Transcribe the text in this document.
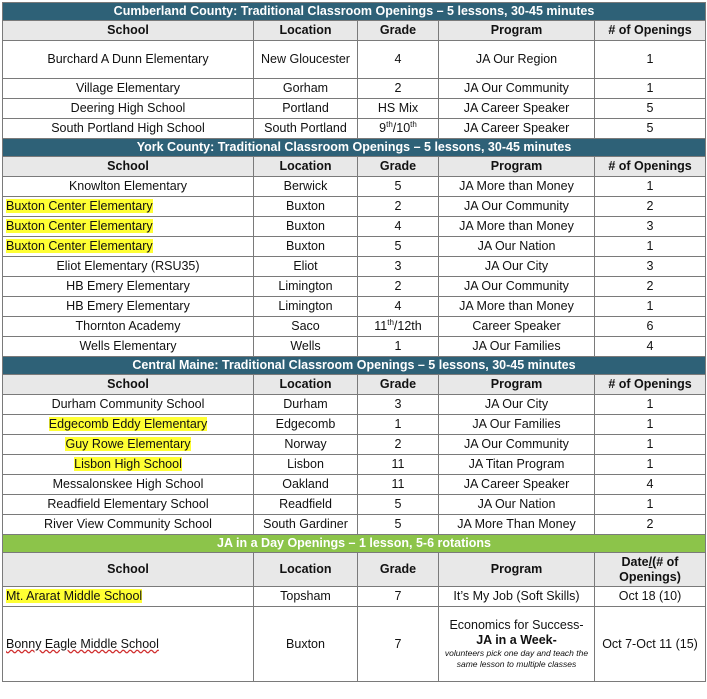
Cumberland County: Traditional Classroom Openings – 5 lessons, 30-45 minutes				
School	Location	Grade	Program	# of Openings
Burchard A Dunn Elementary	New Gloucester	4	JA Our Region	1
Village Elementary	Gorham	2	JA Our Community	1
Deering High School	Portland	HS Mix	JA Career Speaker	5
South Portland High School	South Portland	9th/10th	JA Career Speaker	5
York County: Traditional Classroom Openings – 5 lessons, 30-45 minutes				
School	Location	Grade	Program	# of Openings
Knowlton Elementary	Berwick	5	JA More than Money	1
Buxton Center Elementary	Buxton	2	JA Our Community	2
Buxton Center Elementary	Buxton	4	JA More than Money	3
Buxton Center Elementary	Buxton	5	JA Our Nation	1
Eliot Elementary (RSU35)	Eliot	3	JA Our City	3
HB Emery Elementary	Limington	2	JA Our Community	2
HB Emery Elementary	Limington	4	JA More than Money	1
Thornton Academy	Saco	11th/12th	Career Speaker	6
Wells Elementary	Wells	1	JA Our Families	4
Central Maine: Traditional Classroom Openings – 5 lessons, 30-45 minutes				
School	Location	Grade	Program	# of Openings
Durham Community School	Durham	3	JA Our City	1
Edgecomb Eddy Elementary	Edgecomb	1	JA Our Families	1
Guy Rowe Elementary	Norway	2	JA Our Community	1
Lisbon High School	Lisbon	11	JA Titan Program	1
Messalonskee High School	Oakland	11	JA Career Speaker	4
Readfield Elementary School	Readfield	5	JA Our Nation	1
River View Community School	South Gardiner	5	JA More Than Money	2
JA in a Day Openings – 1 lesson, 5-6 rotations				
School	Location	Grade	Program	Date/(# of Openings)
Mt. Ararat Middle School	Topsham	7	It’s My Job (Soft Skills)	Oct 18 (10)
Bonny Eagle Middle School	Buxton	7	Economics for Success-
JA in a Week-
volunteers pick one day and teach the same lesson to multiple classes	Oct 7-Oct 11 (15)
